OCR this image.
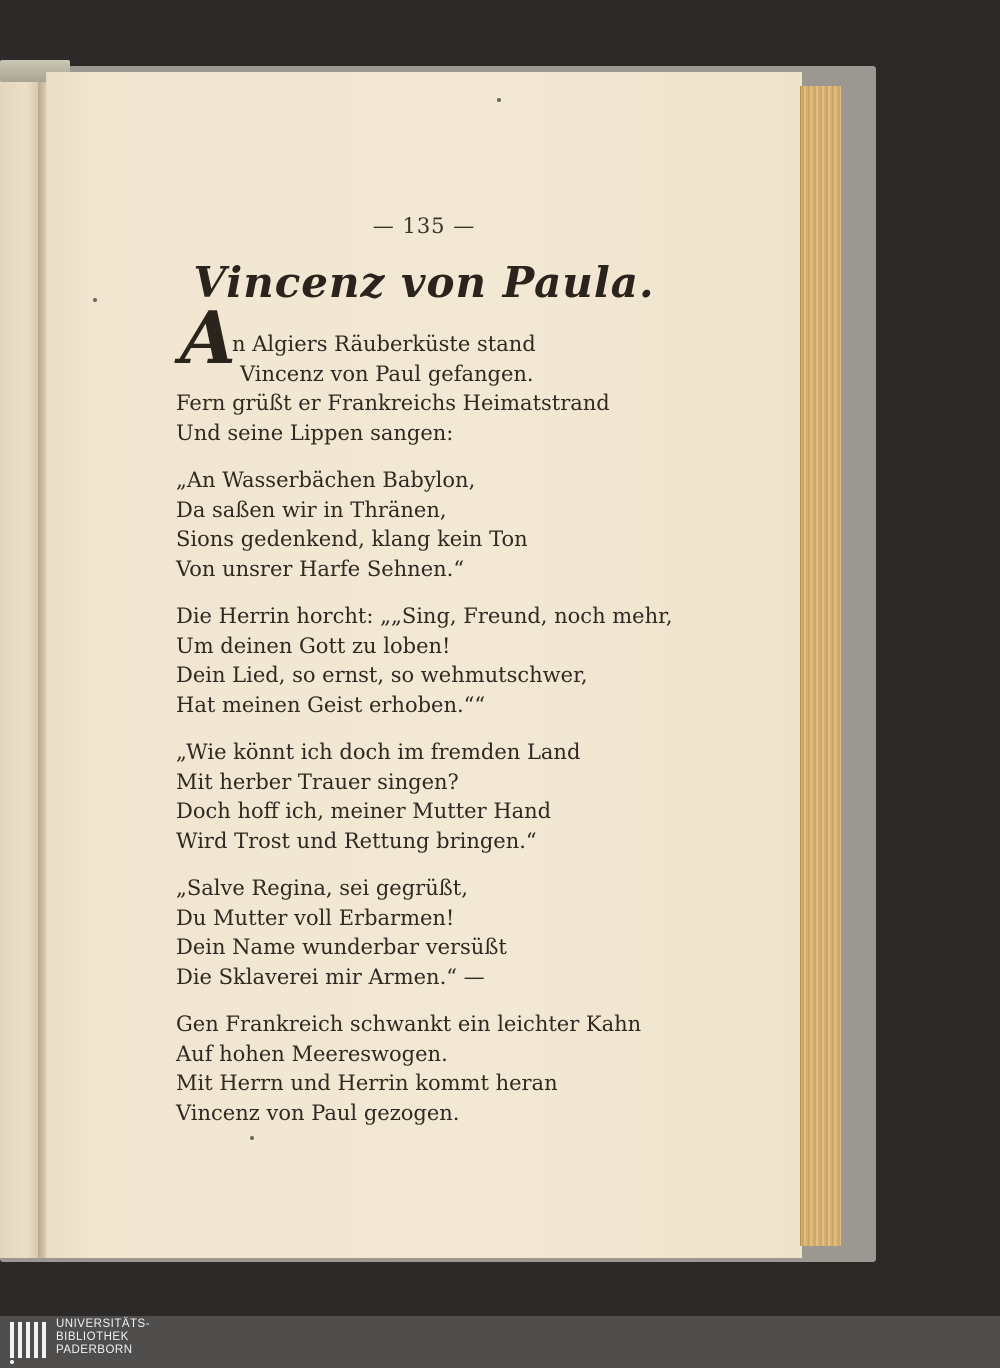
— 135 —
Vincenz von Paula.
A
n Algiers Räuberküste stand
Vincenz von Paul gefangen.
Fern grüßt er Frankreichs Heimatstrand
Und seine Lippen sangen:
„An Wasserbächen Babylon,
Da saßen wir in Thränen,
Sions gedenkend, klang kein Ton
Von unsrer Harfe Sehnen.“
Die Herrin horcht: „„Sing, Freund, noch mehr,
Um deinen Gott zu loben!
Dein Lied, so ernst, so wehmutschwer,
Hat meinen Geist erhoben.““
„Wie könnt ich doch im fremden Land
Mit herber Trauer singen?
Doch hoff ich, meiner Mutter Hand
Wird Trost und Rettung bringen.“
„Salve Regina, sei gegrüßt,
Du Mutter voll Erbarmen!
Dein Name wunderbar versüßt
Die Sklaverei mir Armen.“ —
Gen Frankreich schwankt ein leichter Kahn
Auf hohen Meereswogen.
Mit Herrn und Herrin kommt heran
Vincenz von Paul gezogen.
UNIVERSITÄTS-
BIBLIOTHEK
PADERBORN
